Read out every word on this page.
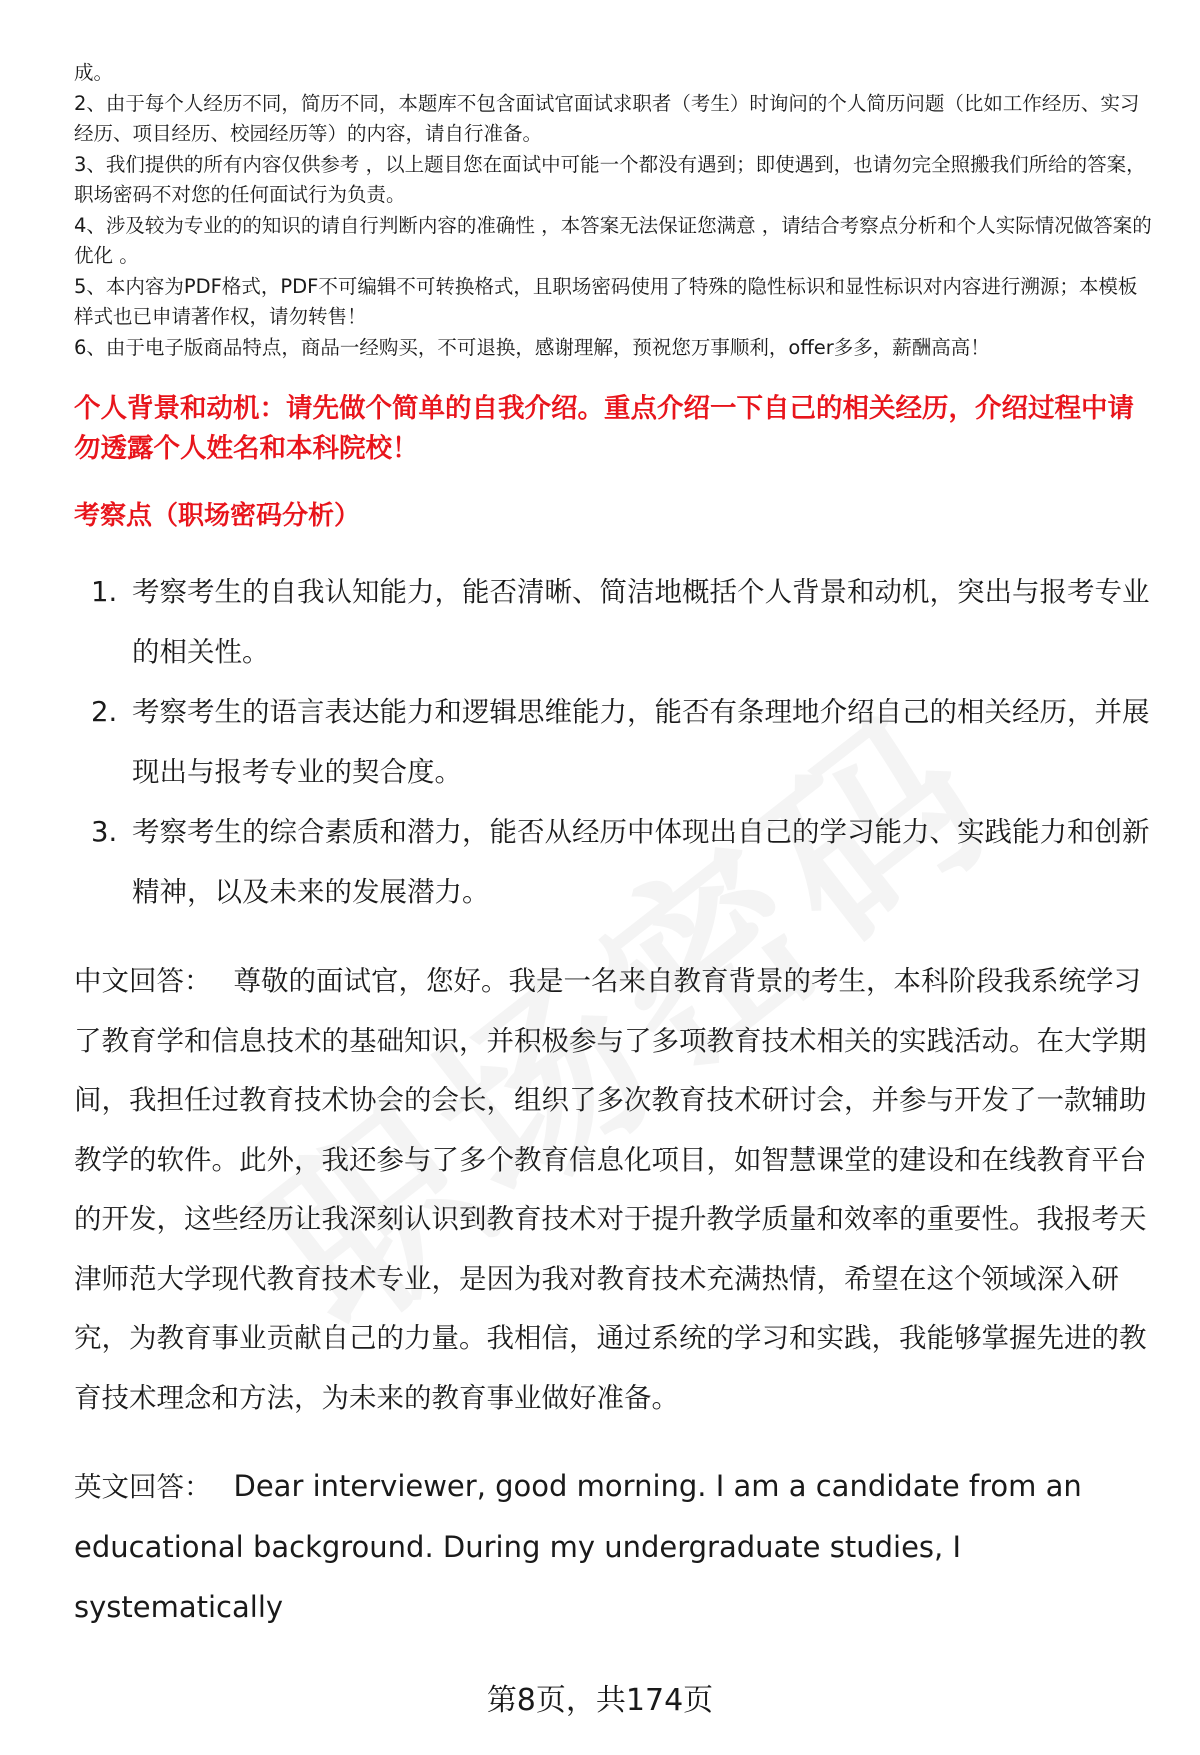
成。

2、由于每个人经历不同，简历不同，本题库不包含面试官面试求职者（考生）时询问的个人简历问题（比如工作经历、实习经历、项目经历、校园经历等）的内容，请自行准备。

3、我们提供的所有内容仅供参考 ，以上题目您在面试中可能一个都没有遇到；即使遇到，也请勿完全照搬我们所给的答案，职场密码不对您的任何面试行为负责。

4、涉及较为专业的的知识的请自行判断内容的准确性 ，本答案无法保证您满意 ，请结合考察点分析和个人实际情况做答案的优化 。

5、本内容为PDF格式，PDF不可编辑不可转换格式，且职场密码使用了特殊的隐性标识和显性标识对内容进行溯源；本模板样式也已申请著作权，请勿转售！

6、由于电子版商品特点，商品一经购买，不可退换，感谢理解，预祝您万事顺利，offer多多，薪酬高高！

个人背景和动机：请先做个简单的自我介绍。重点介绍一下自己的相关经历，介绍过程中请勿透露个人姓名和本科院校！
考察点（职场密码分析）
1. 考察考生的自我认知能力，能否清晰、简洁地概括个人背景和动机，突出与报考专业的相关性。
2. 考察考生的语言表达能力和逻辑思维能力，能否有条理地介绍自己的相关经历，并展现出与报考专业的契合度。
3. 考察考生的综合素质和潜力，能否从经历中体现出自己的学习能力、实践能力和创新精神，以及未来的发展潜力。
中文回答： 尊敬的面试官，您好。我是一名来自教育背景的考生，本科阶段我系统学习了教育学和信息技术的基础知识，并积极参与了多项教育技术相关的实践活动。在大学期间，我担任过教育技术协会的会长，组织了多次教育技术研讨会，并参与开发了一款辅助教学的软件。此外，我还参与了多个教育信息化项目，如智慧课堂的建设和在线教育平台的开发，这些经历让我深刻认识到教育技术对于提升教学质量和效率的重要性。我报考天津师范大学现代教育技术专业，是因为我对教育技术充满热情，希望在这个领域深入研究，为教育事业贡献自己的力量。我相信，通过系统的学习和实践，我能够掌握先进的教育技术理念和方法，为未来的教育事业做好准备。
英文回答： Dear interviewer, good morning. I am a candidate from an educational background. During my undergraduate studies, I systematically
第8页，共174页
